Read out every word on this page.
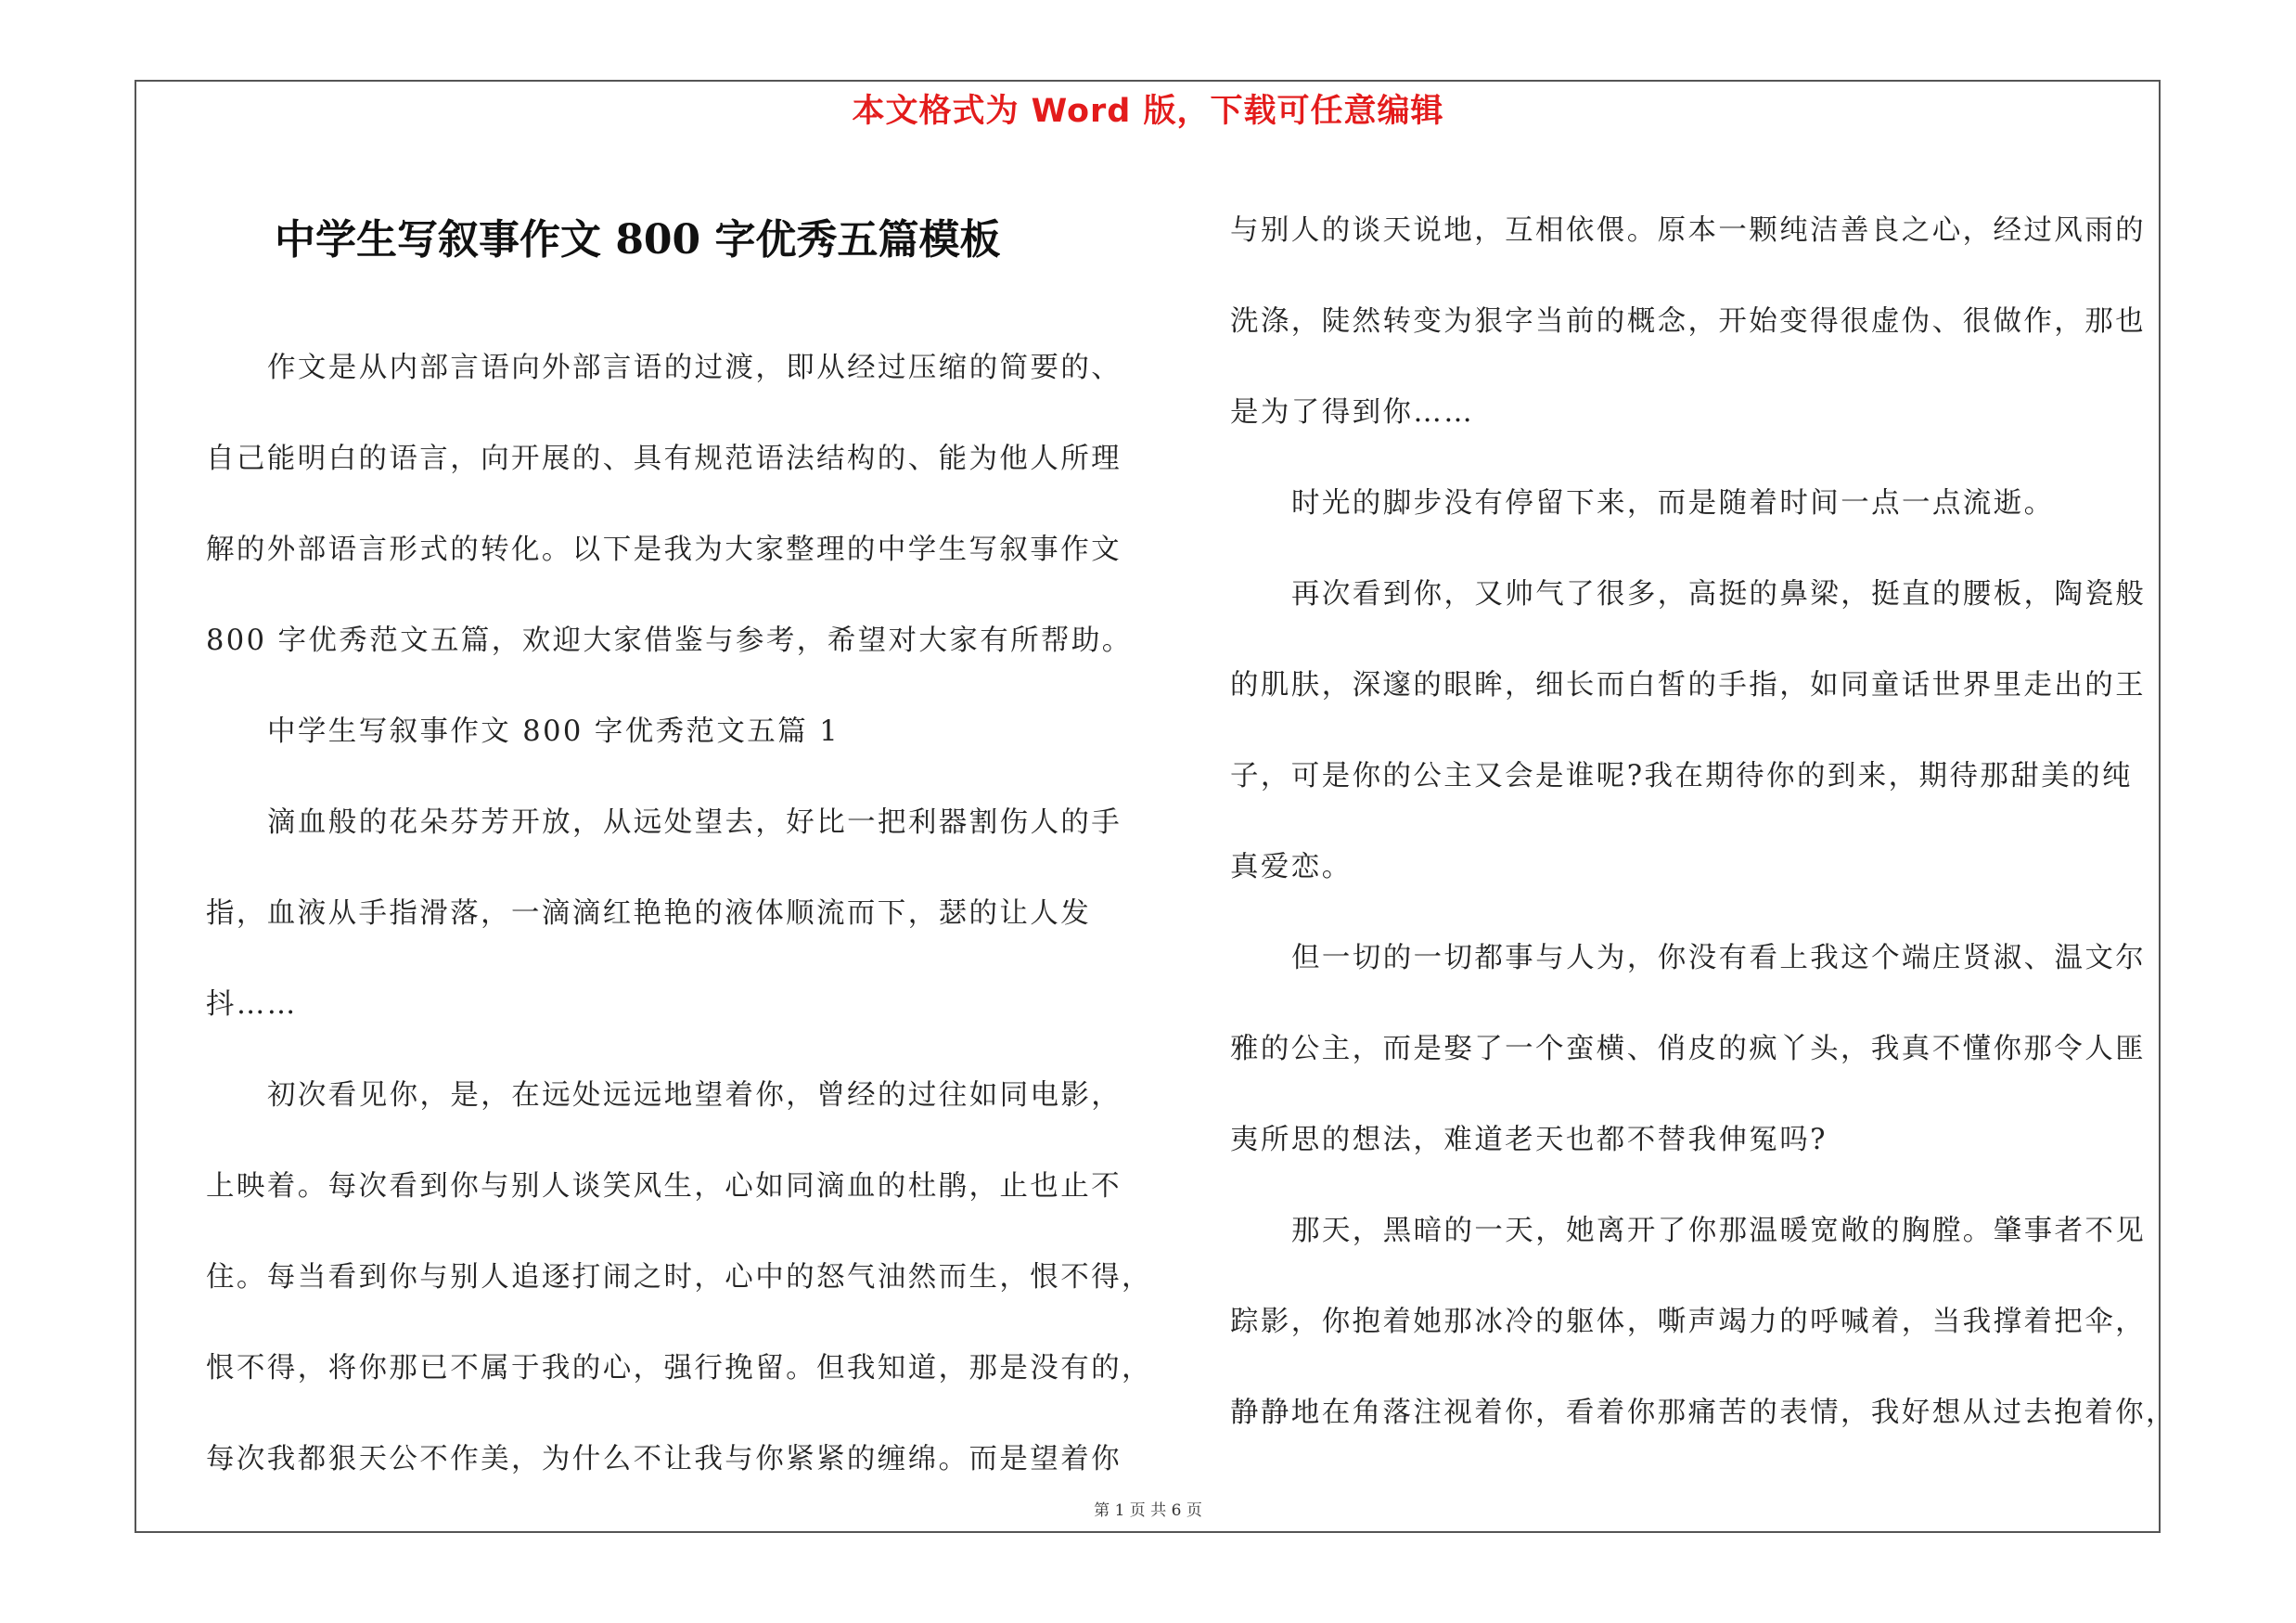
本文格式为 Word 版，下载可任意编辑
中学生写叙事作文 800 字优秀五篇模板
作文是从内部言语向外部言语的过渡，即从经过压缩的简要的、
自己能明白的语言，向开展的、具有规范语法结构的、能为他人所理
解的外部语言形式的转化。以下是我为大家整理的中学生写叙事作文
800 字优秀范文五篇，欢迎大家借鉴与参考，希望对大家有所帮助。
中学生写叙事作文 800 字优秀范文五篇 1
滴血般的花朵芬芳开放，从远处望去，好比一把利器割伤人的手
指，血液从手指滑落，一滴滴红艳艳的液体顺流而下，瑟的让人发
抖……
初次看见你，是，在远处远远地望着你，曾经的过往如同电影，
上映着。每次看到你与别人谈笑风生，心如同滴血的杜鹃，止也止不
住。每当看到你与别人追逐打闹之时，心中的怒气油然而生，恨不得，
恨不得，将你那已不属于我的心，强行挽留。但我知道，那是没有的，
每次我都狠天公不作美，为什么不让我与你紧紧的缠绵。而是望着你
与别人的谈天说地，互相依偎。原本一颗纯洁善良之心，经过风雨的
洗涤，陡然转变为狠字当前的概念，开始变得很虚伪、很做作，那也
是为了得到你……
时光的脚步没有停留下来，而是随着时间一点一点流逝。
再次看到你，又帅气了很多，高挺的鼻梁，挺直的腰板，陶瓷般
的肌肤，深邃的眼眸，细长而白皙的手指，如同童话世界里走出的王
子，可是你的公主又会是谁呢?我在期待你的到来，期待那甜美的纯
真爱恋。
但一切的一切都事与人为，你没有看上我这个端庄贤淑、温文尔
雅的公主，而是娶了一个蛮横、俏皮的疯丫头，我真不懂你那令人匪
夷所思的想法，难道老天也都不替我伸冤吗?
那天，黑暗的一天，她离开了你那温暖宽敞的胸膛。肇事者不见
踪影，你抱着她那冰冷的躯体，嘶声竭力的呼喊着，当我撑着把伞，
静静地在角落注视着你，看着你那痛苦的表情，我好想从过去抱着你，
第 1 页 共 6 页
